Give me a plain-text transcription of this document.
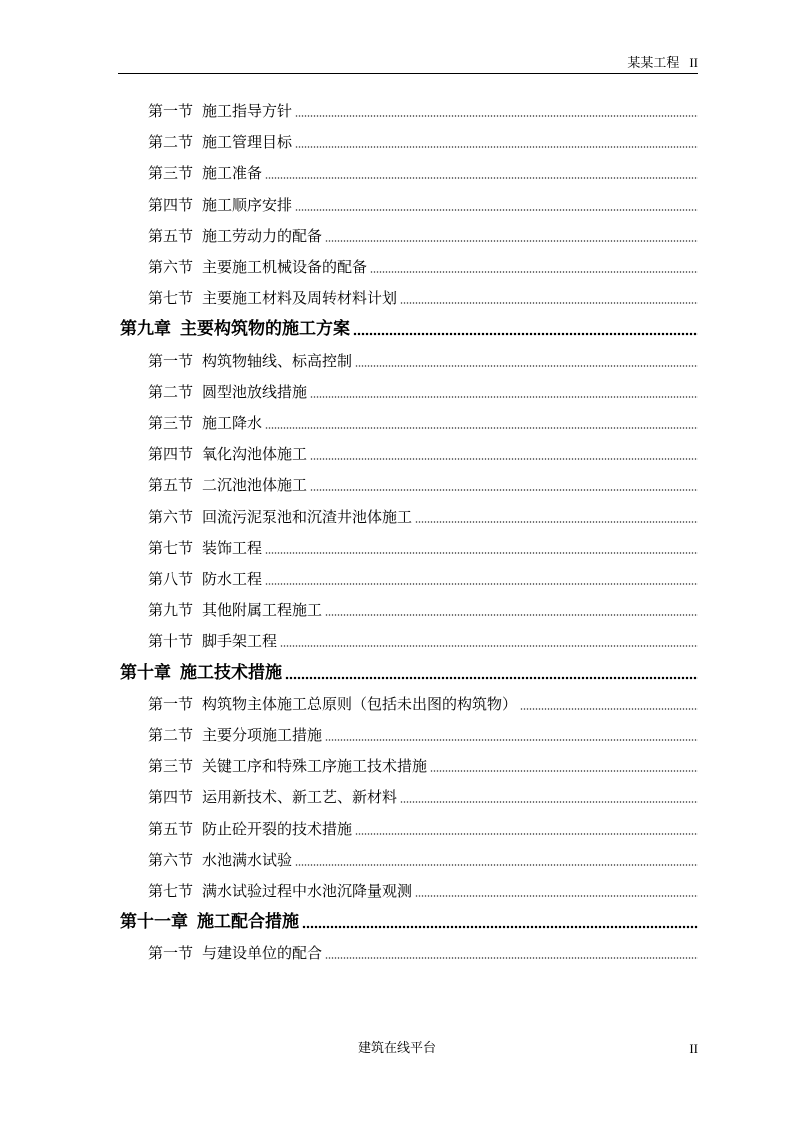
某某工程 II
第一节 施工指导方针
第二节 施工管理目标
第三节 施工准备
第四节 施工顺序安排
第五节 施工劳动力的配备
第六节 主要施工机械设备的配备
第七节 主要施工材料及周转材料计划
第九章 主要构筑物的施工方案
第一节 构筑物轴线、标高控制
第二节 圆型池放线措施
第三节 施工降水
第四节 氧化沟池体施工
第五节 二沉池池体施工
第六节 回流污泥泵池和沉渣井池体施工
第七节 装饰工程
第八节 防水工程
第九节 其他附属工程施工
第十节 脚手架工程
第十章 施工技术措施
第一节 构筑物主体施工总原则（包括未出图的构筑物）
第二节 主要分项施工措施
第三节 关键工序和特殊工序施工技术措施
第四节 运用新技术、新工艺、新材料
第五节 防止砼开裂的技术措施
第六节 水池满水试验
第七节 满水试验过程中水池沉降量观测
第十一章 施工配合措施
第一节 与建设单位的配合
建筑在线平台	II
